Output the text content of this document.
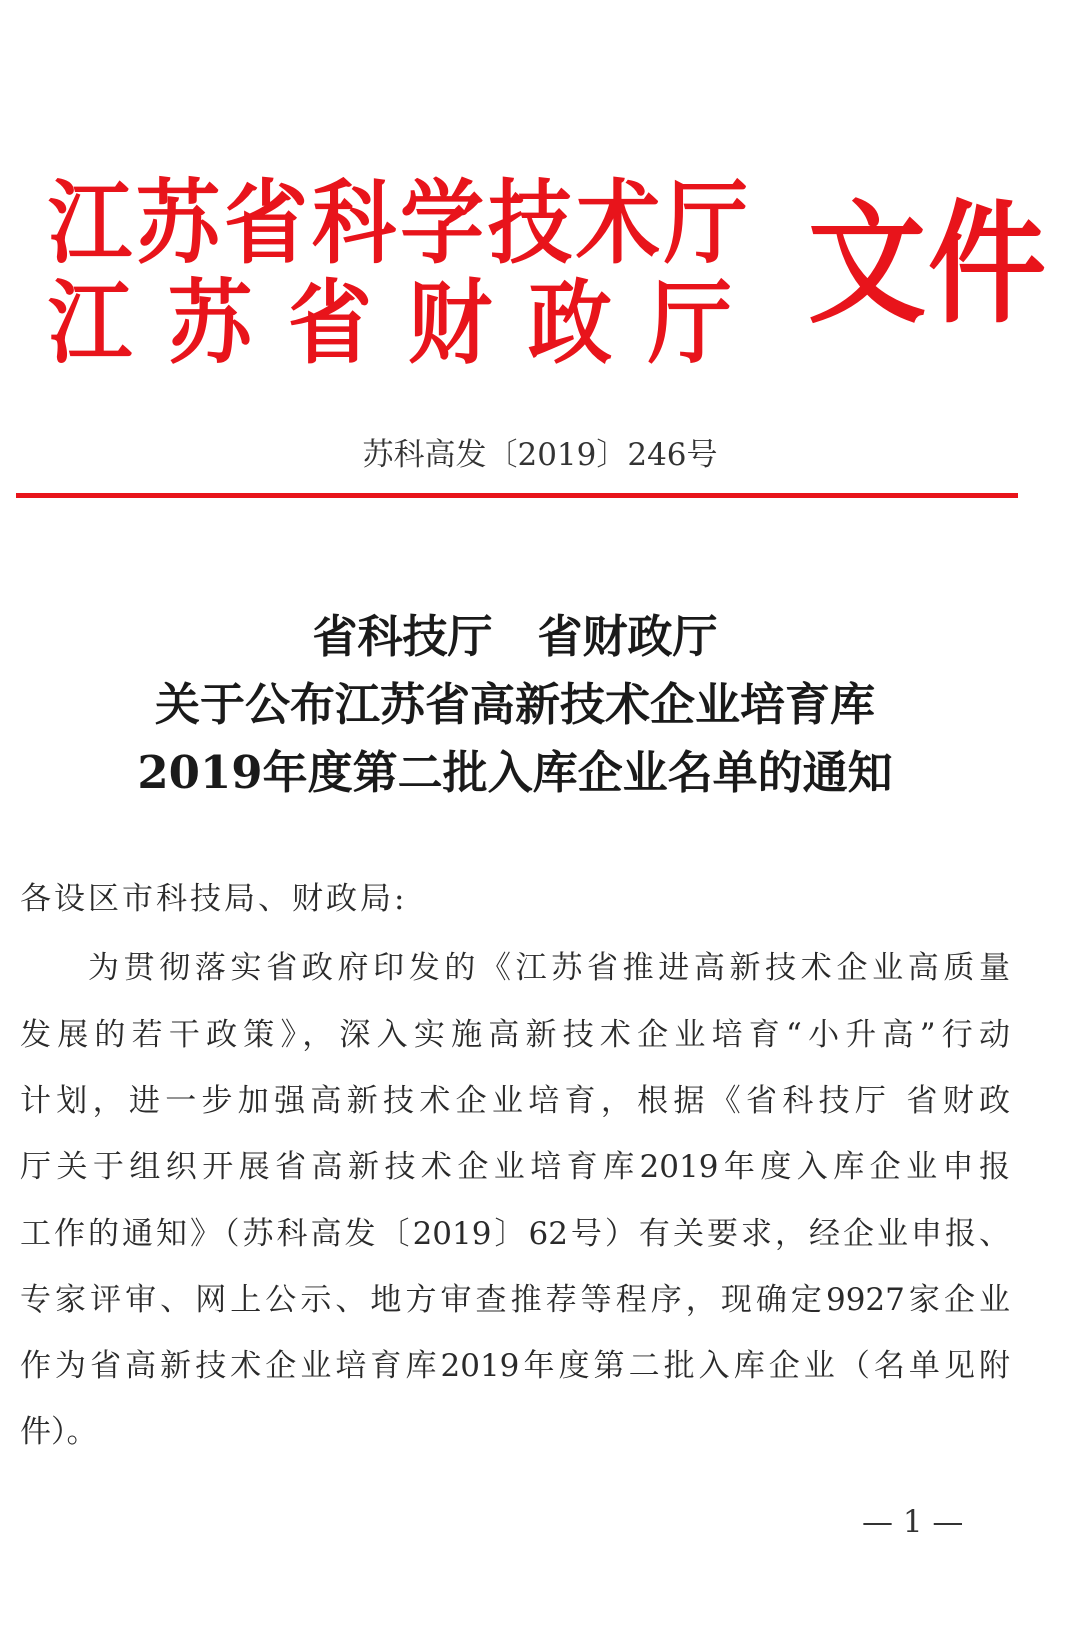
江苏省科学技术厅
江苏省财政厅 文件
苏科高发〔2019〕246号
省科技厅　省财政厅
关于公布江苏省高新技术企业培育库
2019年度第二批入库企业名单的通知
各设区市科技局、财政局:
为贯彻落实省政府印发的《江苏省推进高新技术企业高质量
发展的若干政策》，深入实施高新技术企业培育“小升高”行动
计划，进一步加强高新技术企业培育，根据《省科技厅 省财政
厅关于组织开展省高新技术企业培育库2019年度入库企业申报
工作的通知》（苏科高发〔2019〕62号）有关要求，经企业申报、
专家评审、网上公示、地方审查推荐等程序，现确定9927家企业
作为省高新技术企业培育库2019年度第二批入库企业（名单见附
件）。
— 1 —
